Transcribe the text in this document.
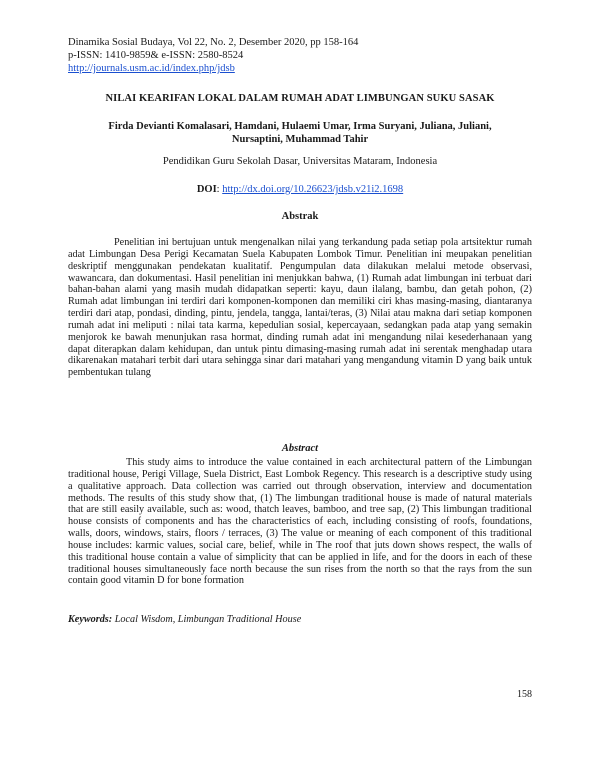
Dinamika Sosial Budaya, Vol 22, No. 2, Desember 2020, pp 158-164
p-ISSN: 1410-9859& e-ISSN: 2580-8524
http://journals.usm.ac.id/index.php/jdsb
NILAI KEARIFAN LOKAL DALAM RUMAH ADAT LIMBUNGAN SUKU SASAK
Firda Devianti Komalasari, Hamdani, Hulaemi Umar, Irma Suryani, Juliana, Juliani, Nursaptini, Muhammad Tahir
Pendidikan Guru Sekolah Dasar, Universitas Mataram, Indonesia
DOI: http://dx.doi.org/10.26623/jdsb.v21i2.1698
Abstrak
Penelitian ini bertujuan untuk mengenalkan nilai yang terkandung pada setiap pola artsitektur rumah adat Limbungan Desa Perigi Kecamatan Suela Kabupaten Lombok Timur. Penelitian ini meupakan penelitian deskriptif menggunakan pendekatan kualitatif. Pengumpulan data dilakukan melalui metode observasi, wawancara, dan dokumentasi. Hasil penelitian ini menjukkan bahwa, (1) Rumah adat limbungan ini terbuat dari bahan-bahan alami yang masih mudah didapatkan seperti: kayu, daun ilalang, bambu, dan getah pohon, (2) Rumah adat limbungan ini terdiri dari komponen-komponen dan memiliki ciri khas masing-masing, diantaranya terdiri dari atap, pondasi, dinding, pintu, jendela, tangga, lantai/teras, (3) Nilai atau makna dari setiap komponen rumah adat ini meliputi : nilai tata karma, kepedulian sosial, kepercayaan, sedangkan pada atap yang semakin menjorok ke bawah menunjukan rasa hormat, dinding rumah adat ini mengandung nilai kesederhanaan yang dapat diterapkan dalam kehidupan, dan untuk pintu dimasing-masing rumah adat ini serentak menghadap utara dikarenakan matahari terbit dari utara sehingga sinar dari matahari yang mengandung vitamin D yang baik untuk pembentukan tulang
Abstract
This study aims to introduce the value contained in each architectural pattern of the Limbungan traditional house, Perigi Village, Suela District, East Lombok Regency. This research is a descriptive study using a qualitative approach. Data collection was carried out through observation, interview and documentation methods. The results of this study show that, (1) The limbungan traditional house is made of natural materials that are still easily available, such as: wood, thatch leaves, bamboo, and tree sap, (2) This limbungan traditional house consists of components and has the characteristics of each, including consisting of roofs, foundations, walls, doors, windows, stairs, floors / terraces, (3) The value or meaning of each component of this traditional house includes: karmic values, social care, belief, while in The roof that juts down shows respect, the walls of this traditional house contain a value of simplicity that can be applied in life, and for the doors in each of these traditional houses simultaneously face north because the sun rises from the north so that the rays from the sun contain good vitamin D for bone formation
Keywords: Local Wisdom, Limbungan Traditional House
158
